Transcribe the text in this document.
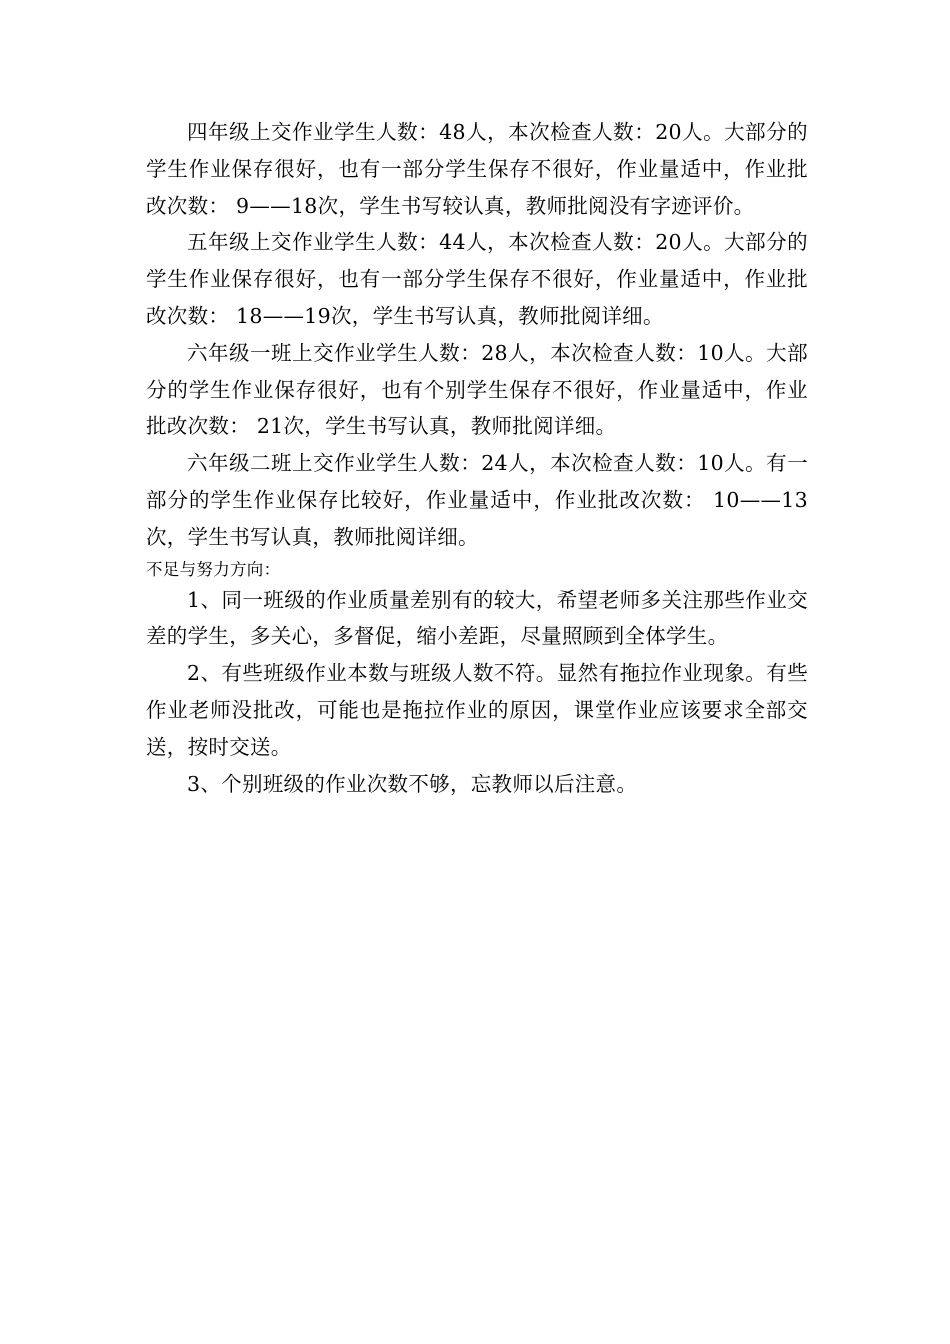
四年级上交作业学生人数：48人，本次检查人数：20人。大部分的学生作业保存很好，也有一部分学生保存不很好，作业量适中，作业批改次数： 9——18次，学生书写较认真，教师批阅没有字迹评价。

五年级上交作业学生人数：44人，本次检查人数：20人。大部分的学生作业保存很好，也有一部分学生保存不很好，作业量适中，作业批改次数： 18——19次，学生书写认真，教师批阅详细。

六年级一班上交作业学生人数：28人，本次检查人数：10人。大部分的学生作业保存很好，也有个别学生保存不很好，作业量适中，作业批改次数： 21次，学生书写认真，教师批阅详细。

六年级二班上交作业学生人数：24人，本次检查人数：10人。有一部分的学生作业保存比较好，作业量适中，作业批改次数： 10——13次，学生书写认真，教师批阅详细。

不足与努力方向：

1、同一班级的作业质量差别有的较大，希望老师多关注那些作业交差的学生，多关心，多督促，缩小差距，尽量照顾到全体学生。

2、有些班级作业本数与班级人数不符。显然有拖拉作业现象。有些作业老师没批改，可能也是拖拉作业的原因，课堂作业应该要求全部交送，按时交送。

3、个别班级的作业次数不够，忘教师以后注意。
